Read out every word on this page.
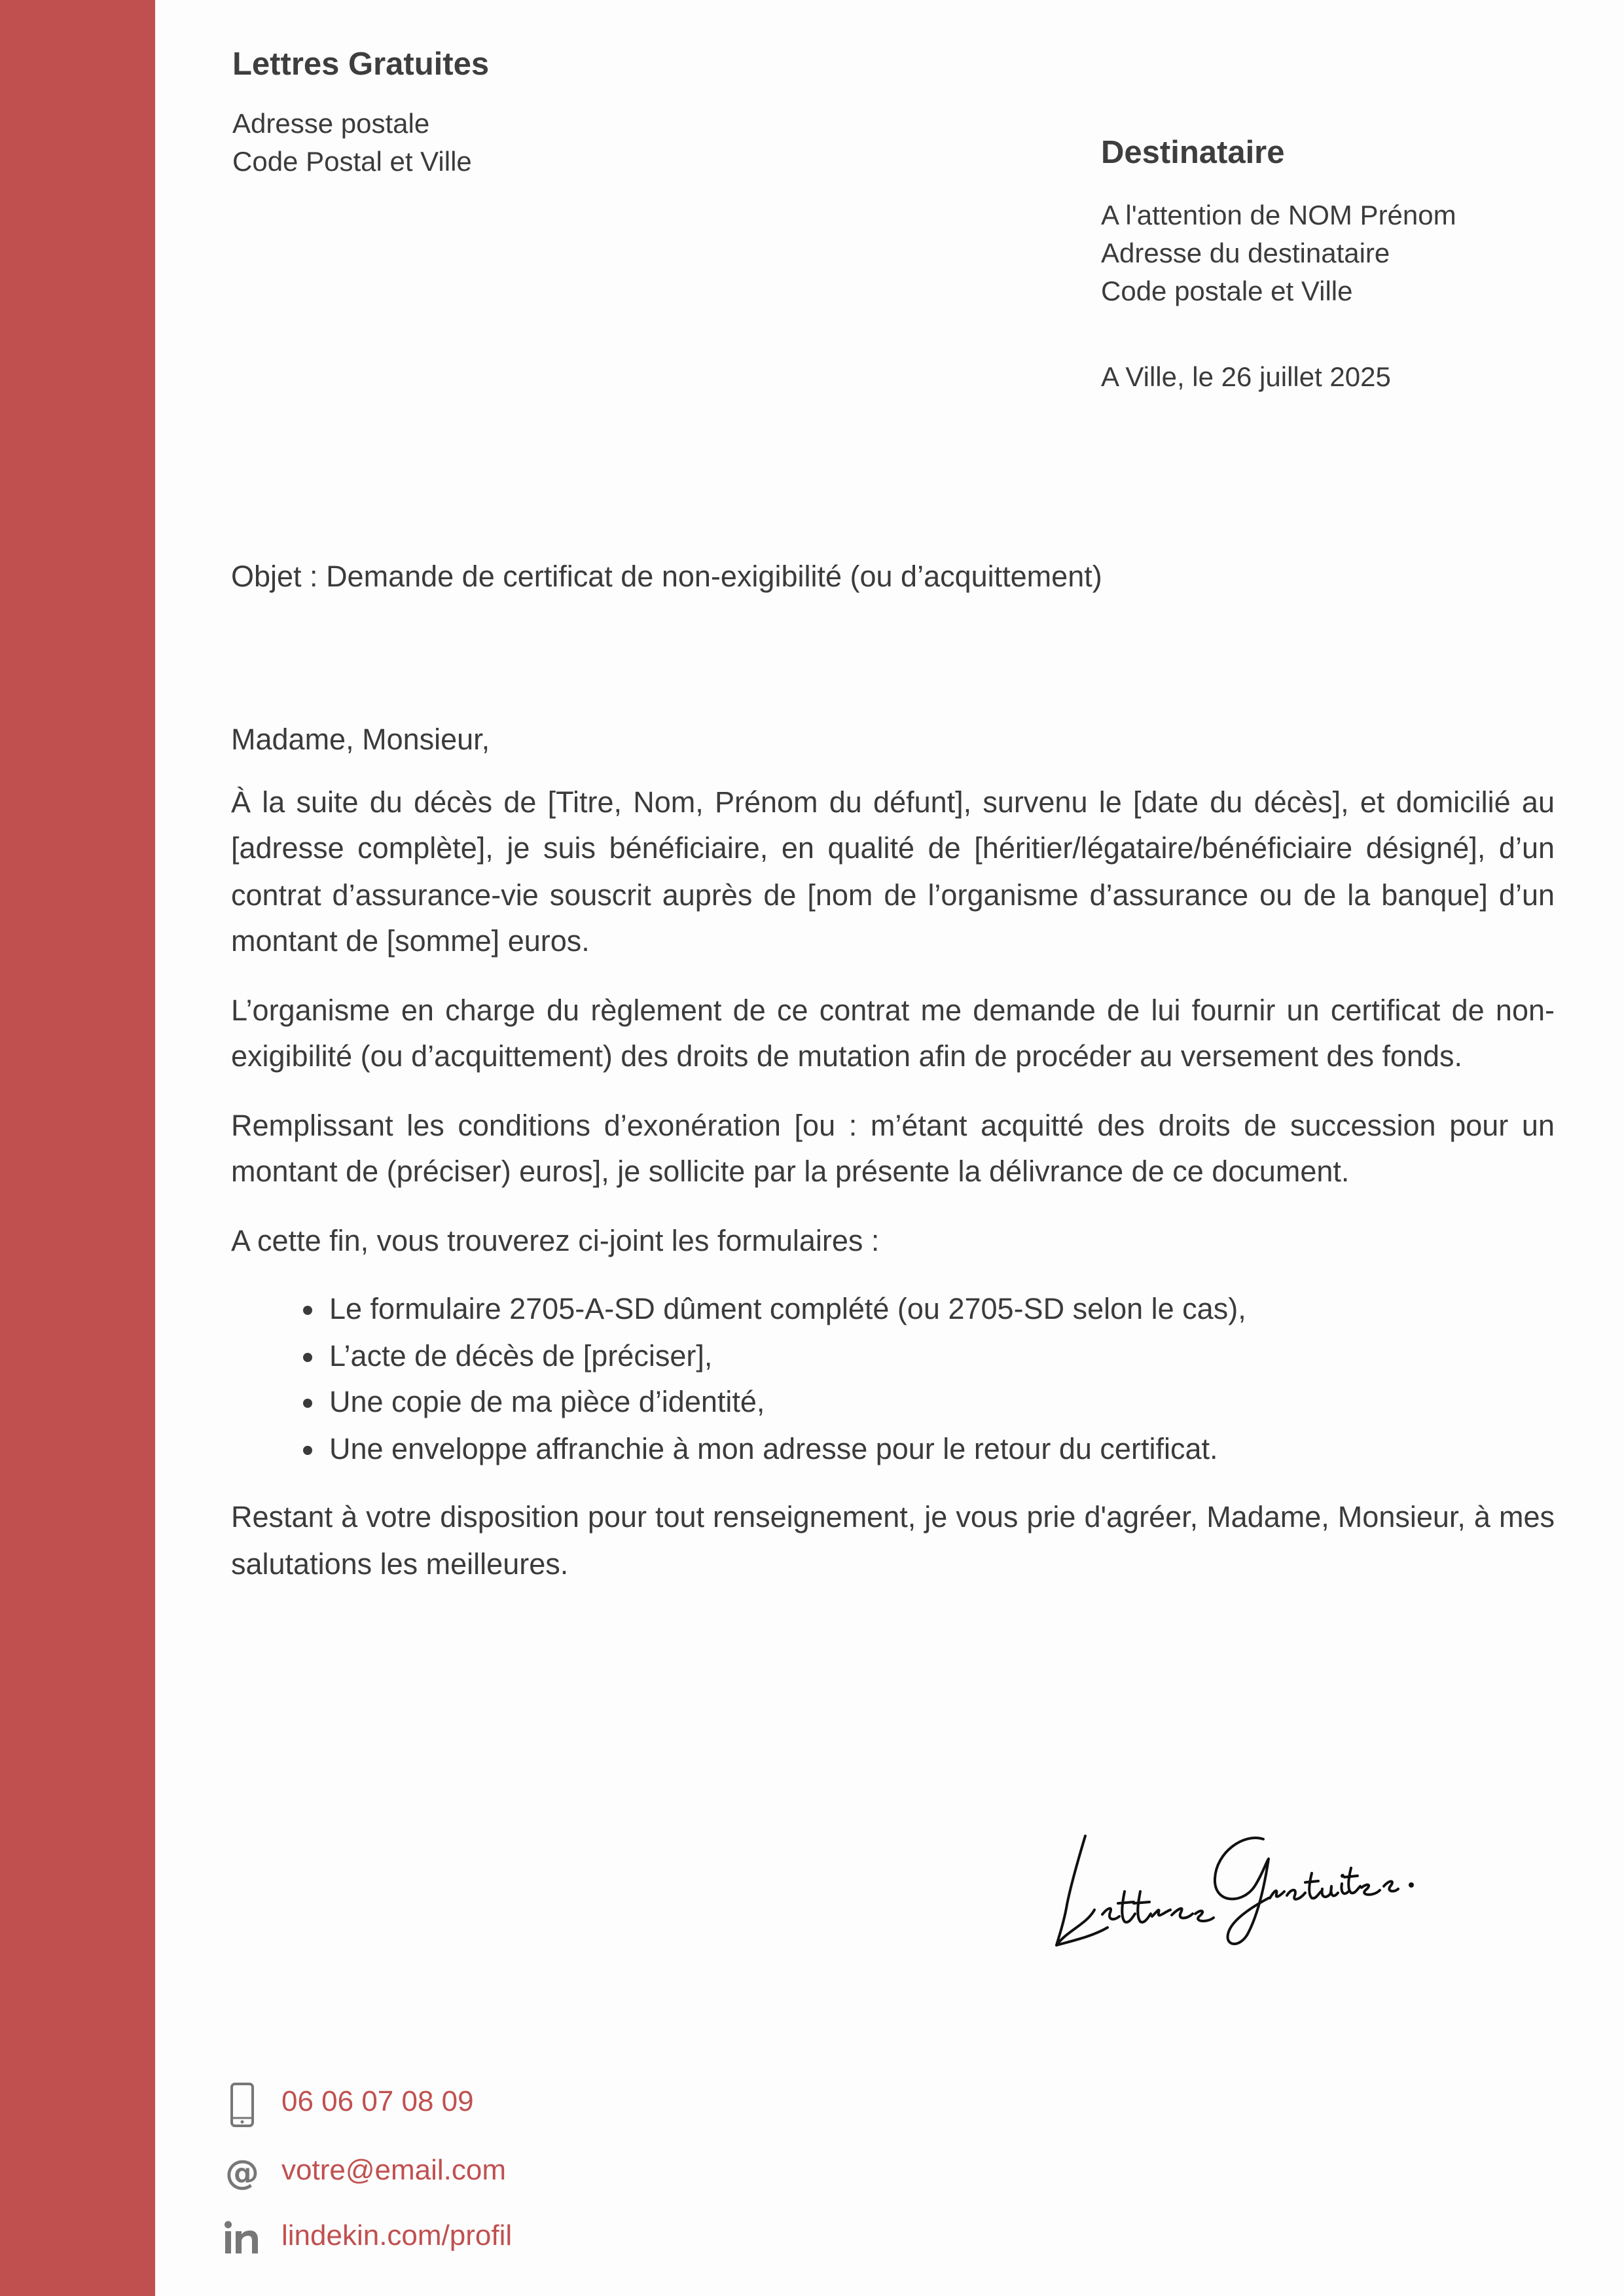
Lettres Gratuites
Adresse postale
Code Postal et Ville	Destinataire
A l'attention de NOM Prénom
Adresse du destinataire
Code postale et Ville
A Ville, le 26 juillet 2025
Objet : Demande de certificat de non-exigibilité (ou d’acquittement)

Madame, Monsieur,

À la suite du décès de [Titre, Nom, Prénom du défunt], survenu le [date du décès], et domicilié au [adresse complète], je suis bénéficiaire, en qualité de [héritier/légataire/bénéficiaire désigné], d’un contrat d’assurance-vie souscrit auprès de [nom de l’organisme d’assurance ou de la banque] d’un montant de [somme] euros.

L’organisme en charge du règlement de ce contrat me demande de lui fournir un certificat de non-exigibilité (ou d’acquittement) des droits de mutation afin de procéder au versement des fonds.

Remplissant les conditions d’exonération [ou : m’étant acquitté des droits de succession pour un montant de (préciser) euros], je sollicite par la présente la délivrance de ce document.

A cette fin, vous trouverez ci-joint les formulaires :

• Le formulaire 2705-A-SD dûment complété (ou 2705-SD selon le cas),
• L’acte de décès de [préciser],
• Une copie de ma pièce d’identité,
• Une enveloppe affranchie à mon adresse pour le retour du certificat.

Restant à votre disposition pour tout renseignement, je vous prie d'agréer, Madame, Monsieur, à mes salutations les meilleures.

06 06 07 08 09
@ votre@email.com
lindekin.com/profil
